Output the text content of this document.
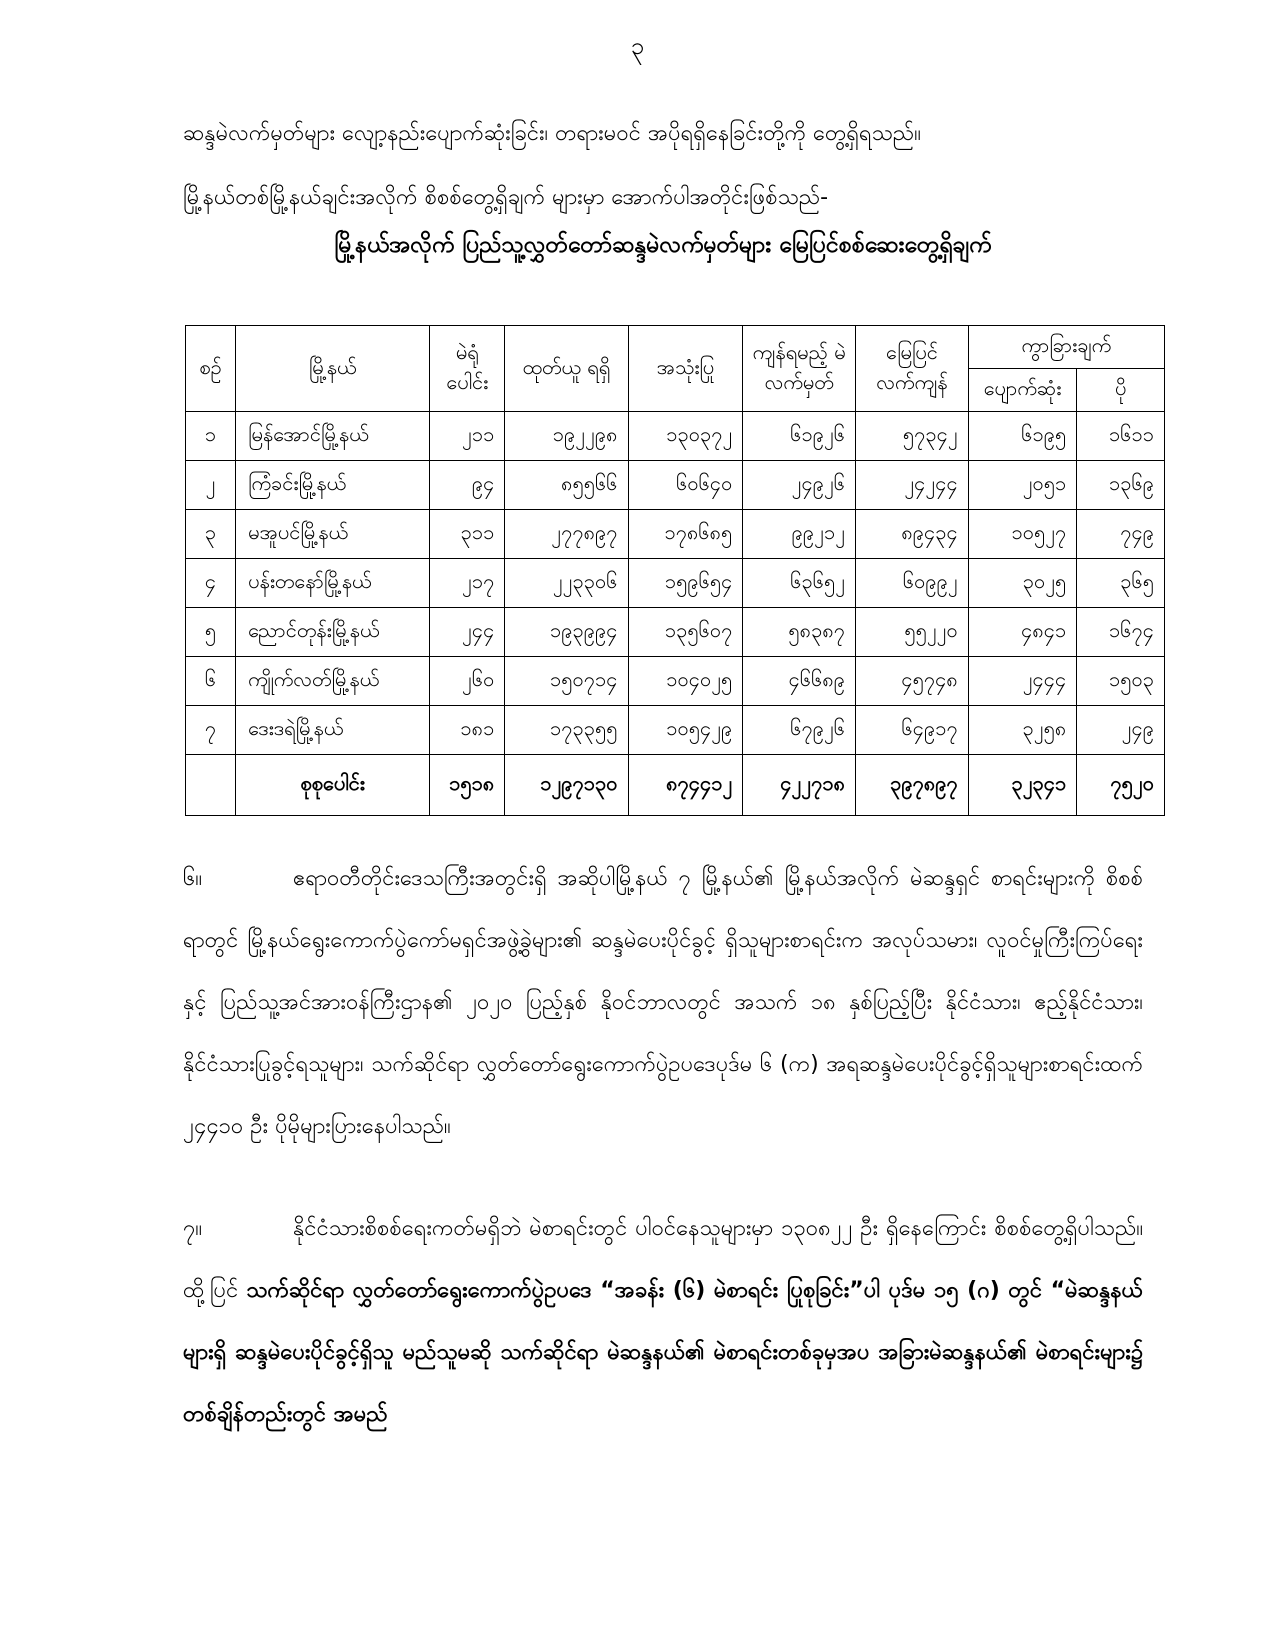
၃

ဆန္ဒမဲလက်မှတ်များ လျော့နည်းပျောက်ဆုံးခြင်း၊ တရားမဝင် အပိုရရှိနေခြင်းတို့ကို တွေ့ရှိရသည်။

မြို့နယ်တစ်မြို့နယ်ချင်းအလိုက် စိစစ်တွေ့ရှိချက် များမှာ အောက်ပါအတိုင်းဖြစ်သည်-

မြို့နယ်အလိုက် ပြည်သူ့လွှတ်တော်ဆန္ဒမဲလက်မှတ်များ မြေပြင်စစ်ဆေးတွေ့ရှိချက်
စဉ်	မြို့နယ်	မဲရုံ ပေါင်း	ထုတ်ယူ ရရှိ	အသုံးပြု	ကျန်ရမည့် မဲလက်မှတ်	မြေပြင် လက်ကျန်	ကွာခြားချက်	
							ပျောက်ဆုံး	ပို
၁	မြန်အောင်မြို့နယ်	၂၁၁	၁၉၂၂၉၈	၁၃၀၃၇၂	၆၁၉၂၆	၅၇၃၄၂	၆၁၉၅	၁၆၁၁
၂	ကြံခင်းမြို့နယ်	၉၄	၈၅၅၆၆	၆၀၆၄၀	၂၄၉၂၆	၂၄၂၄၄	၂၀၅၁	၁၃၆၉
၃	မအူပင်မြို့နယ်	၃၁၁	၂၇၇၈၉၇	၁၇၈၆၈၅	၉၉၂၁၂	၈၉၄၃၄	၁၀၅၂၇	၇၄၉
၄	ပန်းတနော်မြို့နယ်	၂၁၇	၂၂၃၃၀၆	၁၅၉၆၅၄	၆၃၆၅၂	၆၀၉၉၂	၃၀၂၅	၃၆၅
၅	ညောင်တုန်းမြို့နယ်	၂၄၄	၁၉၃၉၉၄	၁၃၅၆၀၇	၅၈၃၈၇	၅၅၂၂၀	၄၈၄၁	၁၆၇၄
၆	ကျိုက်လတ်မြို့နယ်	၂၆၀	၁၅၀၇၁၄	၁၀၄၀၂၅	၄၆၆၈၉	၄၅၇၄၈	၂၄၄၄	၁၅၀၃
၇	ဒေးဒရဲမြို့နယ်	၁၈၁	၁၇၃၃၅၅	၁၀၅၄၂၉	၆၇၉၂၆	၆၄၉၁၇	၃၂၅၈	၂၄၉
	စုစုပေါင်း	၁၅၁၈	၁၂၉၇၁၃၀	၈၇၄၄၁၂	၄၂၂၇၁၈	၃၉၇၈၉၇	၃၂၃၄၁	၇၅၂၀

၆။	ဧရာဝတီတိုင်းဒေသကြီးအတွင်းရှိ အဆိုပါမြို့နယ် ၇ မြို့နယ်၏ မြို့နယ်အလိုက် မဲဆန္ဒရှင် စာရင်းများကို စိစစ်ရာတွင် မြို့နယ်ရွေးကောက်ပွဲကော်မရှင်အဖွဲ့ခွဲများ၏ ဆန္ဒမဲပေးပိုင်ခွင့် ရှိသူများစာရင်းက အလုပ်သမား၊ လူဝင်မှုကြီးကြပ်ရေးနှင့် ပြည်သူ့အင်အားဝန်ကြီးဌာန၏ ၂၀၂၀ ပြည့်နှစ် နိုဝင်ဘာလတွင် အသက် ၁၈ နှစ်ပြည့်ပြီး နိုင်ငံသား၊ ဧည့်နိုင်ငံသား၊ နိုင်ငံသားပြုခွင့်ရသူများ၊ သက်ဆိုင်ရာ လွှတ်တော်ရွေးကောက်ပွဲဥပဒေပုဒ်မ ၆ (က) အရဆန္ဒမဲပေးပိုင်ခွင့်ရှိသူများစာရင်းထက် ၂၄၄၁၀ ဦး ပိုမိုများပြားနေပါသည်။

၇။	နိုင်ငံသားစိစစ်ရေးကတ်မရှိဘဲ မဲစာရင်းတွင် ပါဝင်နေသူများမှာ ၁၃၀၈၂၂ ဦး ရှိနေကြောင်း စိစစ်တွေ့ရှိပါသည်။ ထို့ပြင် သက်ဆိုင်ရာ လွှတ်တော်ရွေးကောက်ပွဲဥပဒေ “အခန်း (၆) မဲစာရင်း ပြုစုခြင်း”ပါ ပုဒ်မ ၁၅ (ဂ) တွင် “မဲဆန္ဒနယ်များရှိ ဆန္ဒမဲပေးပိုင်ခွင့်ရှိသူ မည်သူမဆို သက်ဆိုင်ရာ မဲဆန္ဒနယ်၏ မဲစာရင်းတစ်ခုမှအပ အခြားမဲဆန္ဒနယ်၏ မဲစာရင်းများ၌ တစ်ချိန်တည်းတွင် အမည်
